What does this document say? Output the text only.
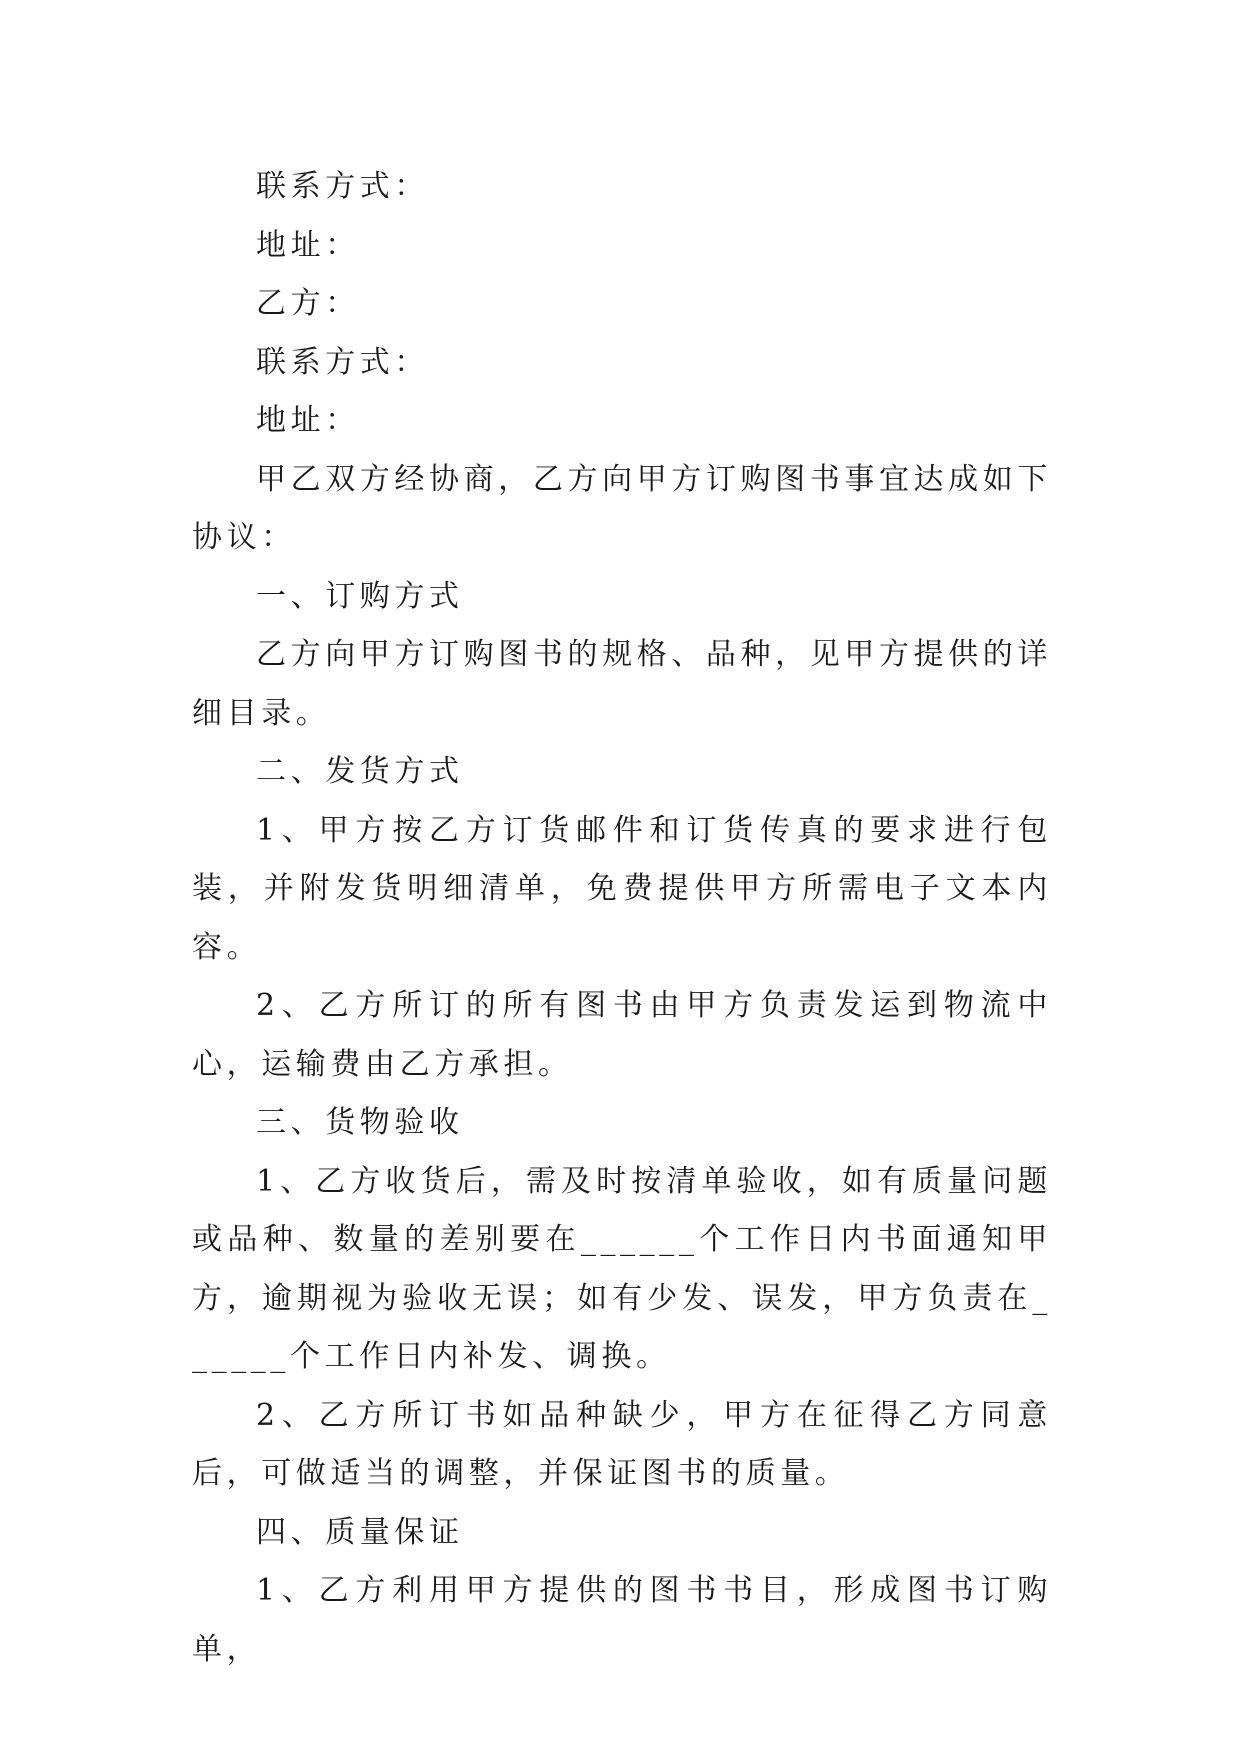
联系方式：

地址：

乙方：

联系方式：

地址：

甲乙双方经协商，乙方向甲方订购图书事宜达成如下协议：

一、订购方式

乙方向甲方订购图书的规格、品种，见甲方提供的详细目录。

二、发货方式

1、甲方按乙方订货邮件和订货传真的要求进行包装，并附发货明细清单，免费提供甲方所需电子文本内容。

2、乙方所订的所有图书由甲方负责发运到物流中心，运输费由乙方承担。

三、货物验收

1、乙方收货后，需及时按清单验收，如有质量问题或品种、数量的差别要在______个工作日内书面通知甲方，逾期视为验收无误；如有少发、误发，甲方负责在______个工作日内补发、调换。

2、乙方所订书如品种缺少，甲方在征得乙方同意后，可做适当的调整，并保证图书的质量。

四、质量保证

1、乙方利用甲方提供的图书书目，形成图书订购单，
